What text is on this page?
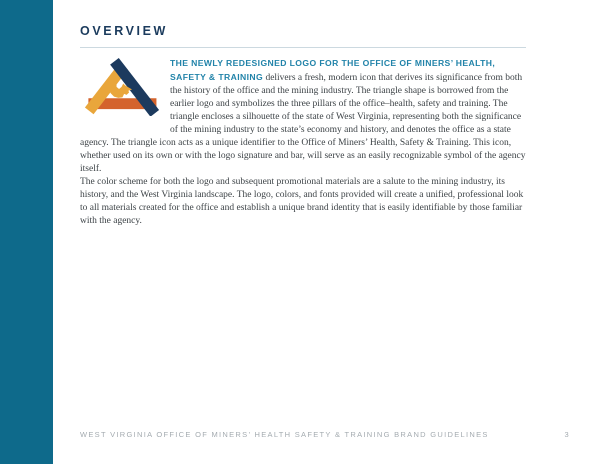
OVERVIEW

THE NEWLY REDESIGNED LOGO FOR THE OFFICE OF MINERS’ HEALTH, SAFETY & TRAINING delivers a fresh, modern icon that derives its significance from both the history of the office and the mining industry. The triangle shape is borrowed from the earlier logo and symbolizes the three pillars of the office–health, safety and training. The triangle encloses a silhouette of the state of West Virginia, representing both the significance of the mining industry to the state’s economy and history, and denotes the office as a state agency. The triangle icon acts as a unique identifier to the Office of Miners’ Health, Safety & Training. This icon, whether used on its own or with the logo signature and bar, will serve as an easily recognizable symbol of the agency itself.

The color scheme for both the logo and subsequent promotional materials are a salute to the mining industry, its history, and the West Virginia landscape. The logo, colors, and fonts provided will create a unified, professional look to all materials created for the office and establish a unique brand identity that is easily identifiable by those familiar with the agency.

WEST VIRGINIA OFFICE OF MINERS’ HEALTH SAFETY & TRAINING BRAND GUIDELINES	3
